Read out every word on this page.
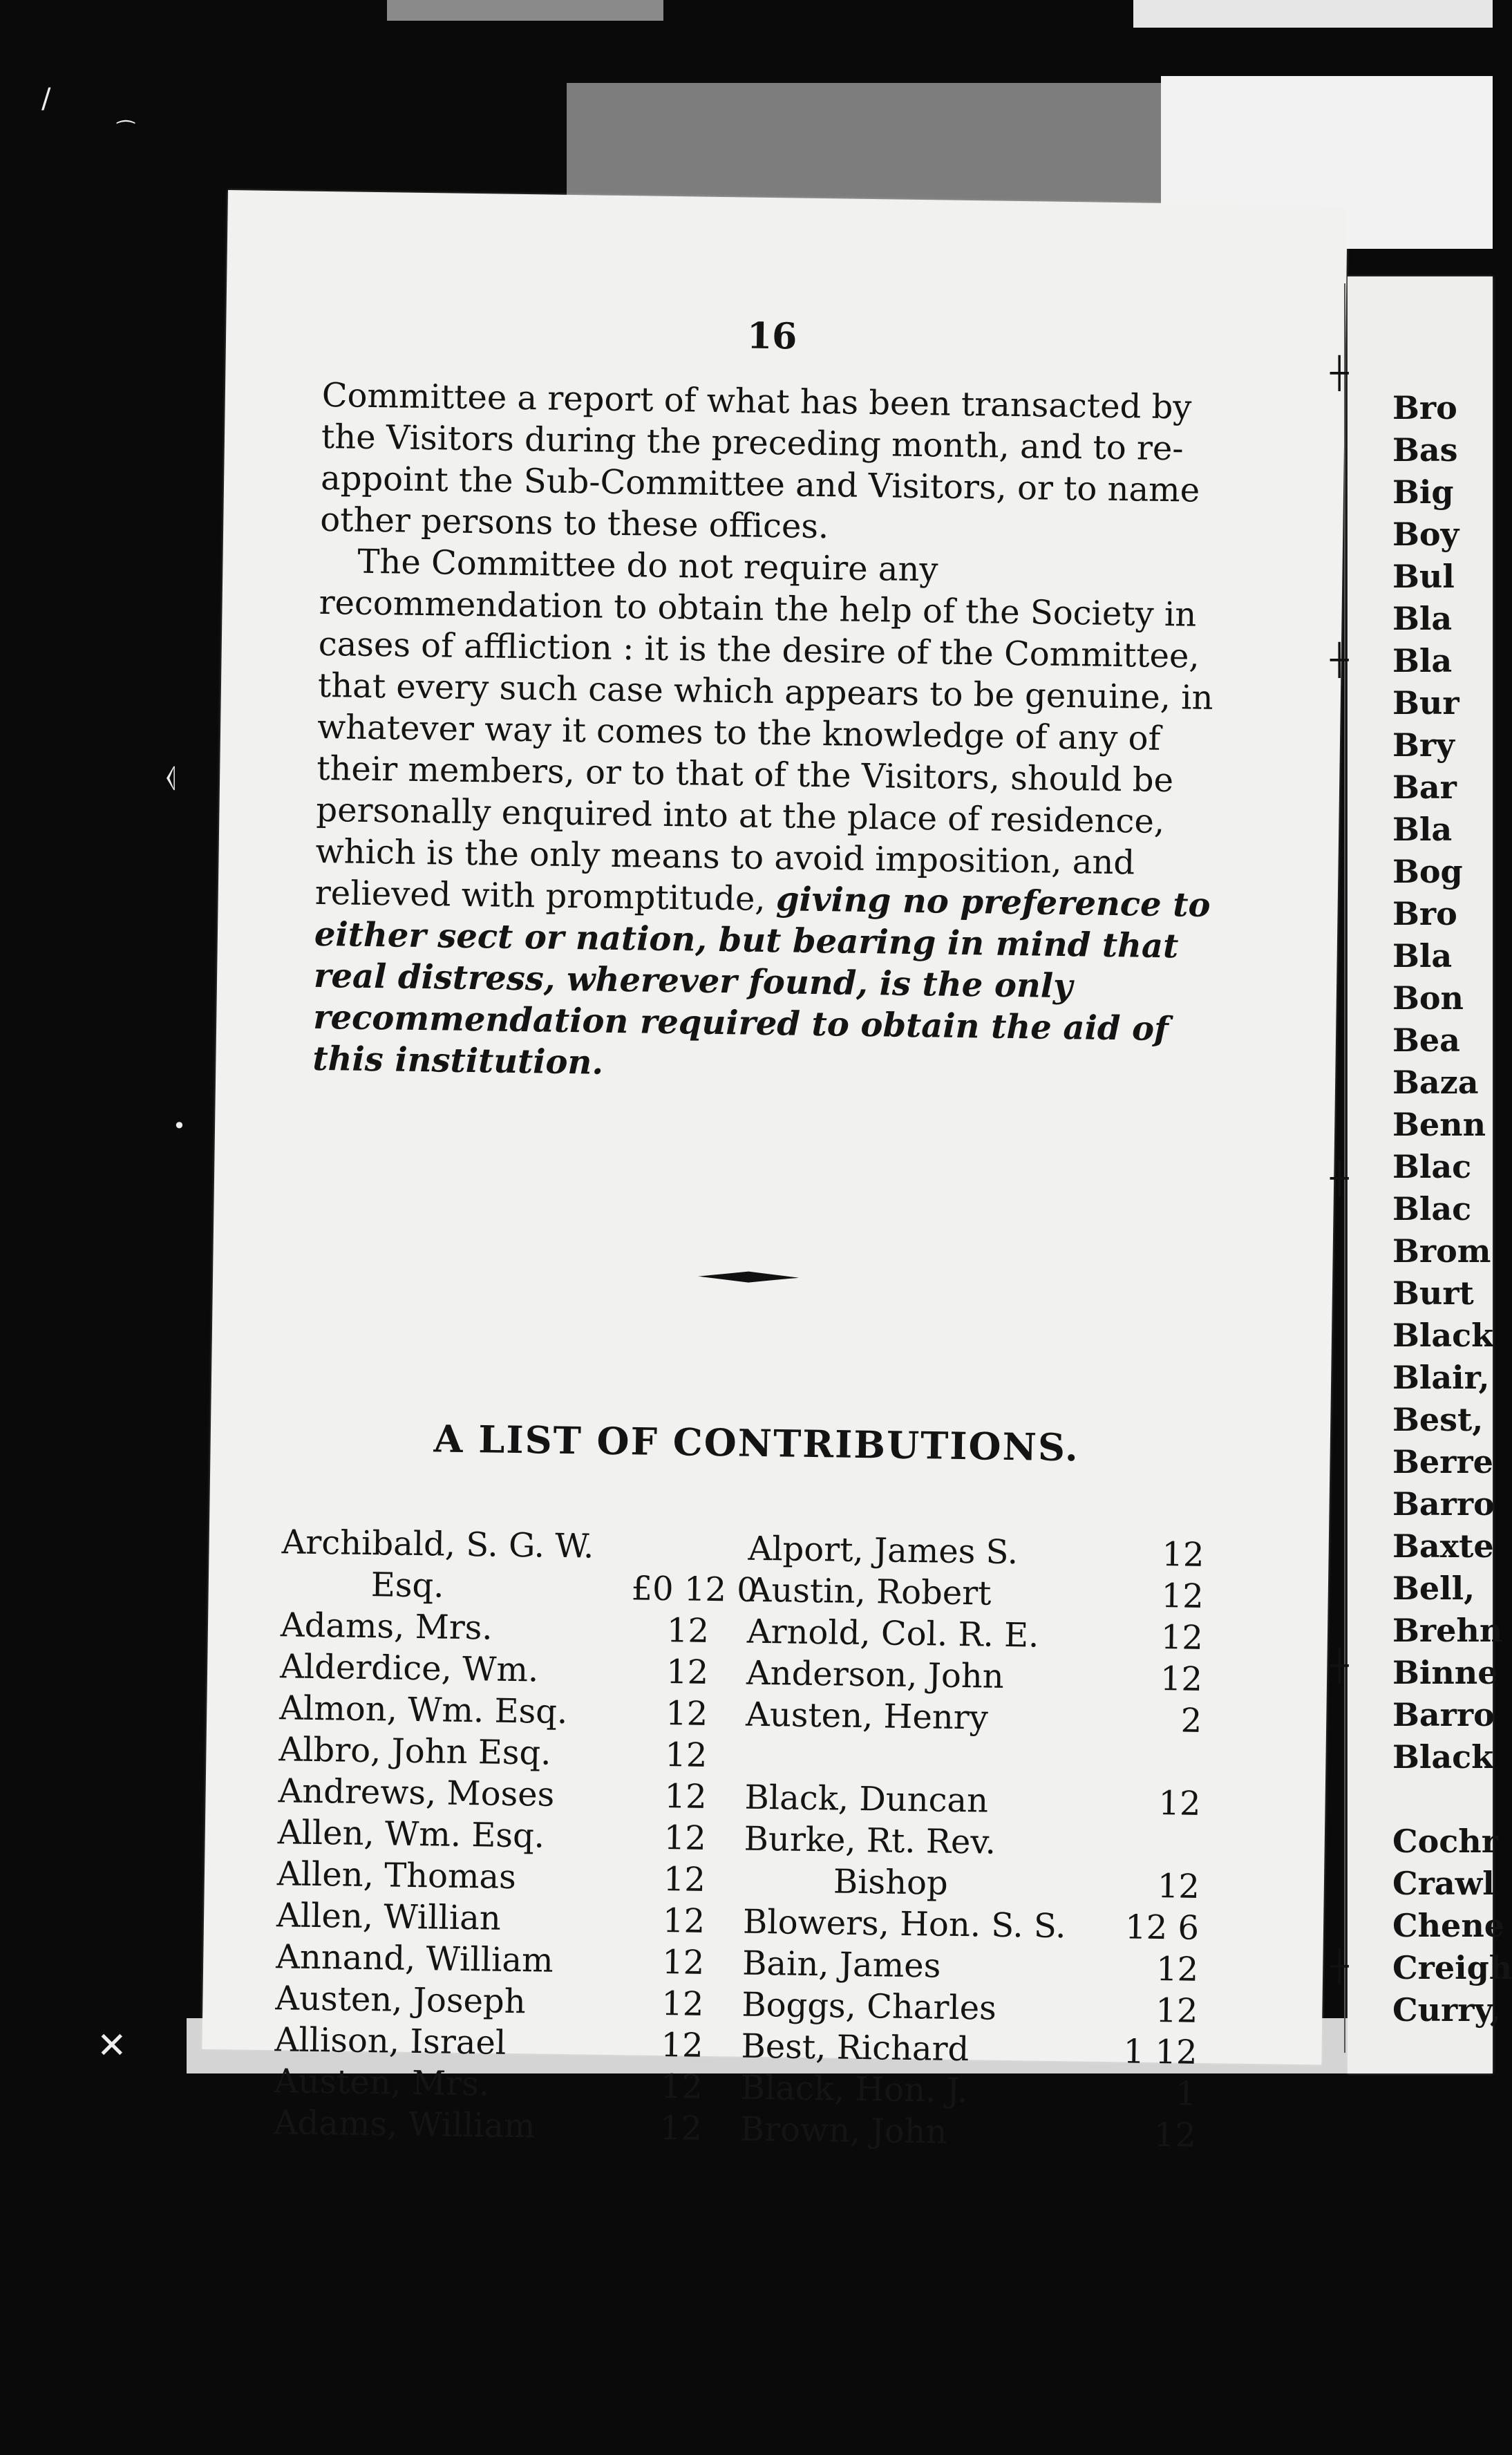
/
⁀
⦉
•
✕
Bro
Bas
Big
Boy
Bul
Bla
Bla
Bur
Bry
Bar
Bla
Bog
Bro
Bla
Bon
Bea
Baza
Benn
Blac
Blac
Brom
Burt
Black
Blair,
Best,
Berre
Barro
Baxte
Bell,
Brehn
Binne
Barro
Black
Cochr
Crawl
Chene
Creigh
Curry,
16

Committee a report of what has been transacted by the Visitors during the preceding month, and to re-appoint the Sub-Committee and Visitors, or to name other persons to these offices.

The Committee do not require any recommendation to obtain the help of the Society in cases of affliction : it is the desire of the Committee, that every such case which appears to be genuine, in whatever way it comes to the knowledge of any of their members, or to that of the Visitors, should be personally enquired into at the place of residence, which is the only means to avoid imposition, and relieved with promptitude, giving no preference to either sect or nation, but bearing in mind that real distress, wherever found, is the only recommendation required to obtain the aid of this institution.

A LIST OF CONTRIBUTIONS.
Archibald, S. G. W.
Esq.	£0 12 0
Adams, Mrs.	12
Alderdice, Wm.	12
Almon, Wm. Esq.	12
Albro, John Esq.	12
Andrews, Moses	12
Allen, Wm. Esq.	12
Allen, Thomas	12
Allen, Willian	12
Annand, William	12
Austen, Joseph	12
Allison, Israel	12
Austen, Mrs.	12
Adams, William	12
Alport, James S.	12
Austin, Robert	12
Arnold, Col. R. E.	12
Anderson, John	12
Austen, Henry	2
Black, Duncan	12
Burke, Rt. Rev.
Bishop	12
Blowers, Hon. S. S. 12 6
Bain, James	12
Boggs, Charles	12
Best, Richard	1 12
Black, Hon. J.	1
Brown, John	12
┼
┼
┼
┼
┼
